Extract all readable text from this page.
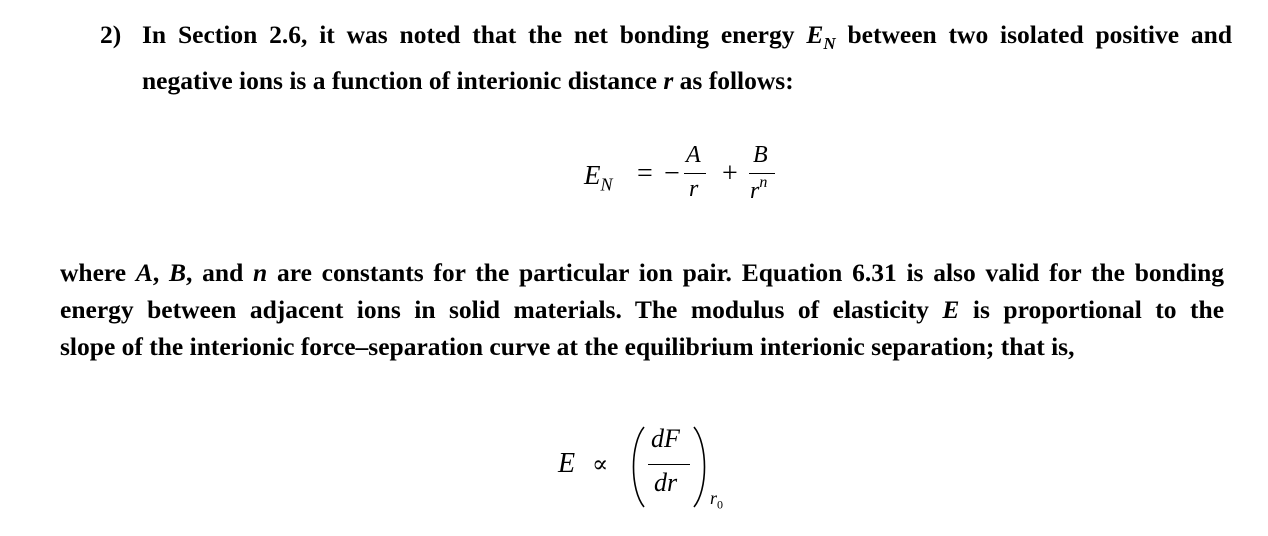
2) In Section 2.6, it was noted that the net bonding energy $E_N$ between two isolated positive and
negative ions is a function of interionic distance r as follows:
$E_N$ = −
A
r +
B
$r^n$
where A, B, and n are constants for the particular ion pair. Equation 6.31 is also valid for the bonding
energy between adjacent ions in solid materials. The modulus of elasticity E is proportional to the
slope of the interionic force–separation curve at the equilibrium interionic separation; that is,
E ∝
dF
dr
$r_0$
